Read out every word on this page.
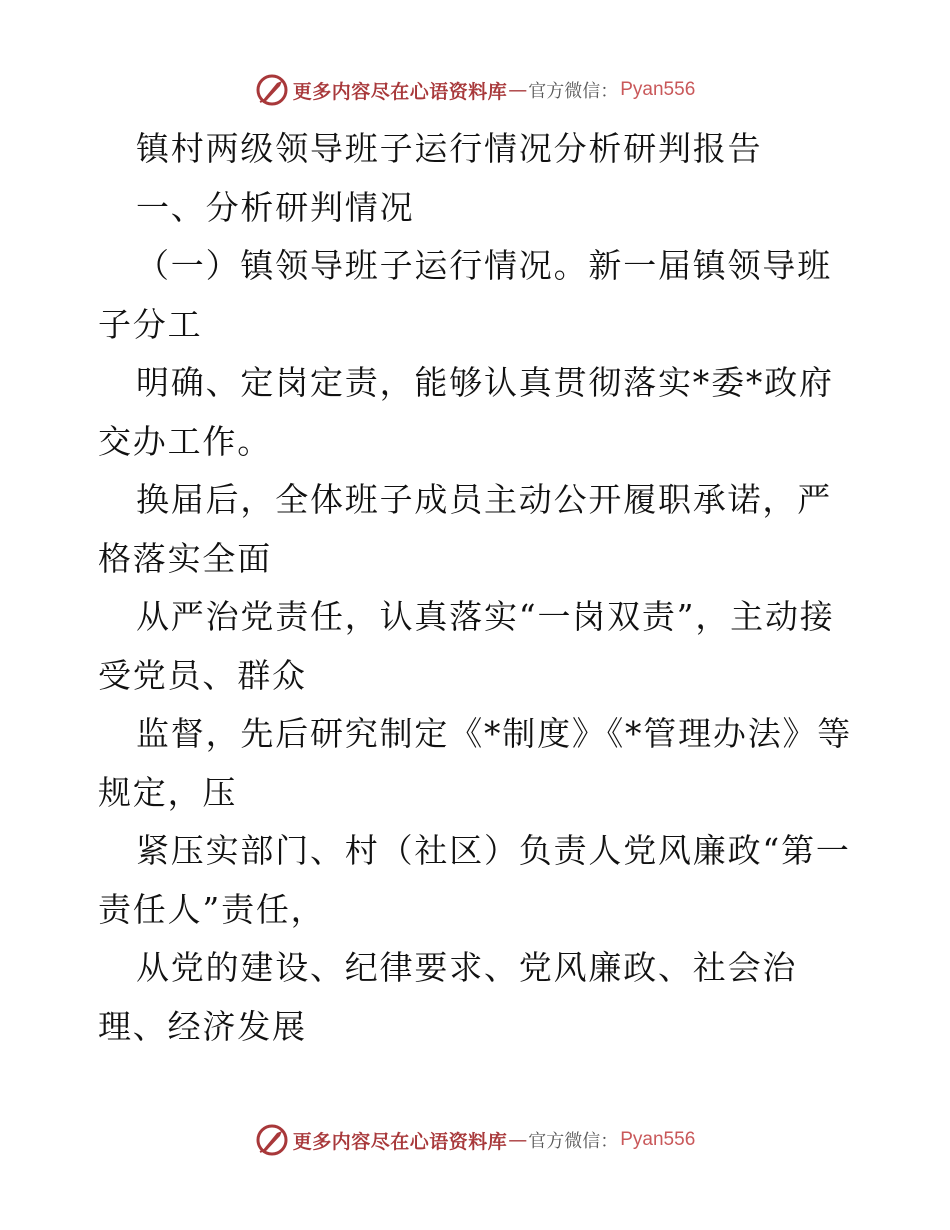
更多内容尽在心语资料库 — 官方微信： Pyan556

镇村两级领导班子运行情况分析研判报告

一、分析研判情况

（一）镇领导班子运行情况。新一届镇领导班子分工

明确、定岗定责，能够认真贯彻落实*委*政府交办工作。

换届后，全体班子成员主动公开履职承诺，严格落实全面

从严治党责任，认真落实“一岗双责”，主动接受党员、群众

监督，先后研究制定《*制度》《*管理办法》等规定，压

紧压实部门、村（社区）负责人党风廉政“第一责任人”责任，

从党的建设、纪律要求、党风廉政、社会治理、经济发展

更多内容尽在心语资料库 — 官方微信： Pyan556
